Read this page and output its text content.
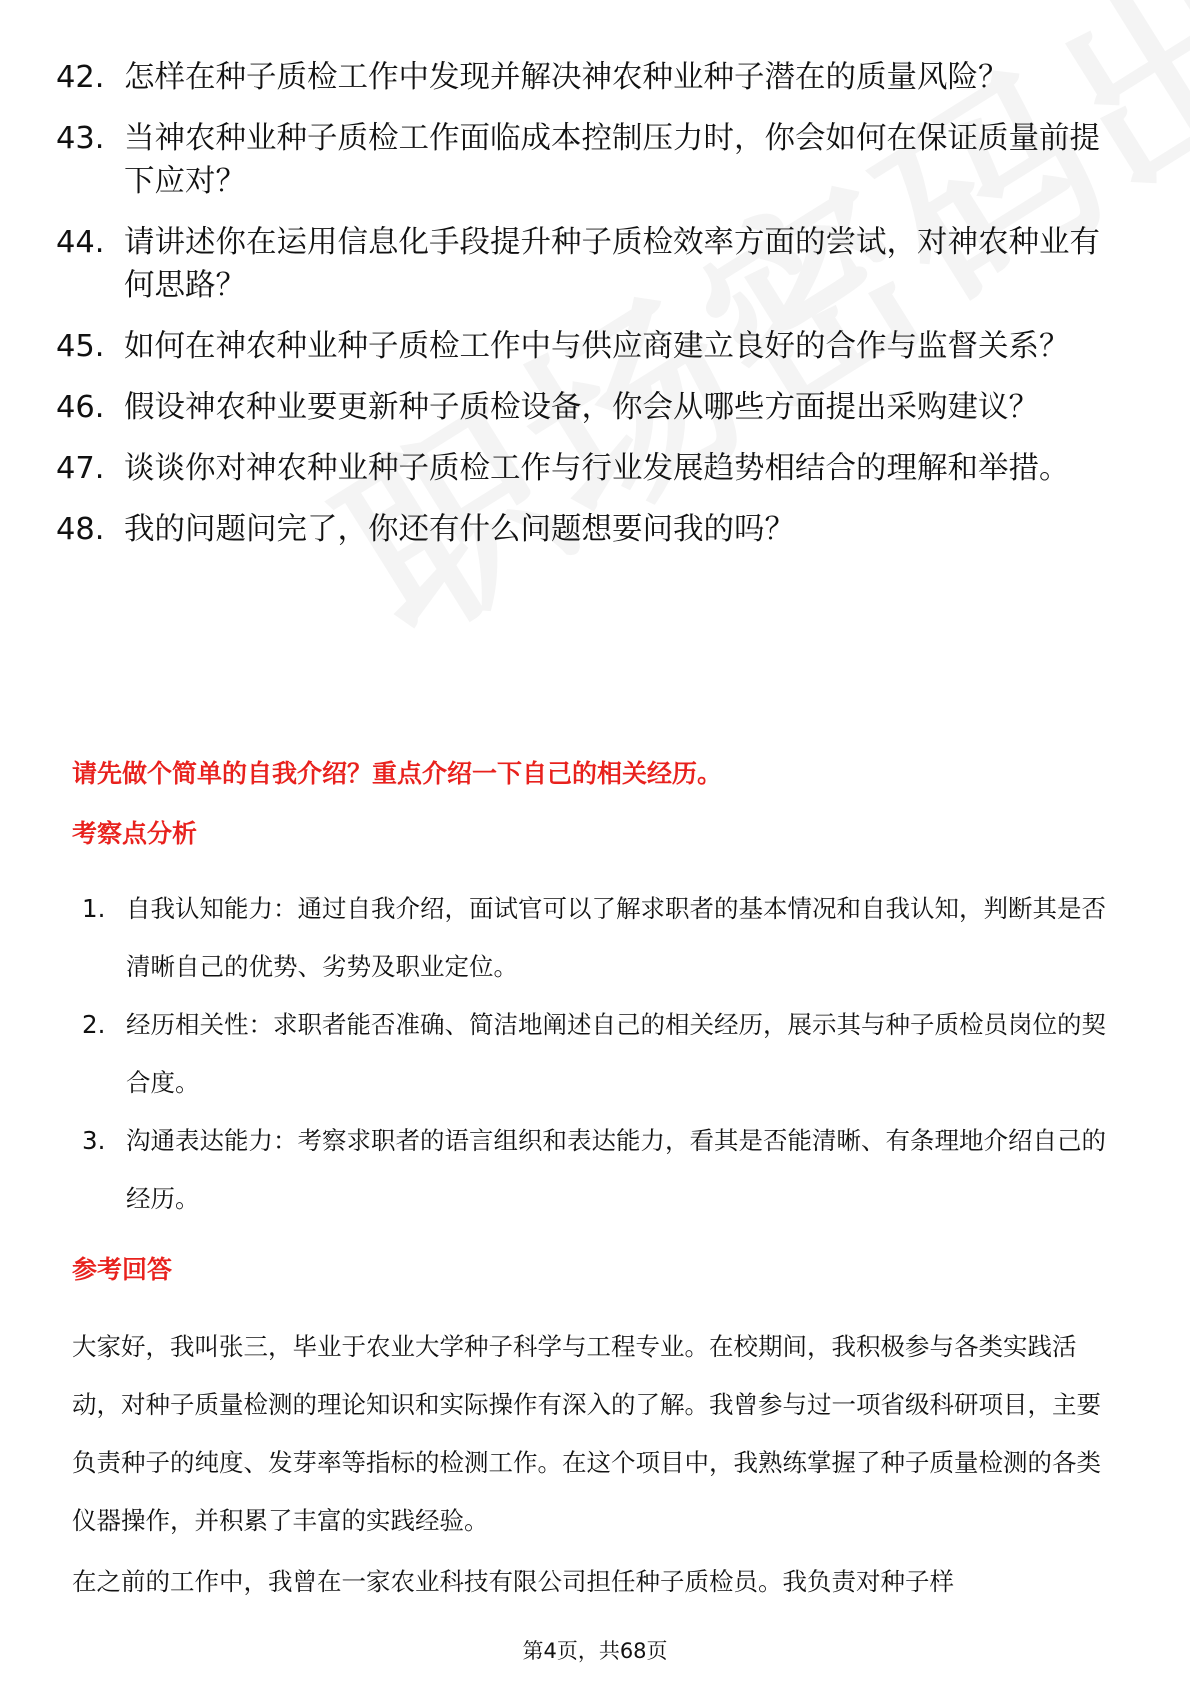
42. 怎样在种子质检工作中发现并解决神农种业种子潜在的质量风险？
43. 当神农种业种子质检工作面临成本控制压力时，你会如何在保证质量前提下应对？
44. 请讲述你在运用信息化手段提升种子质检效率方面的尝试，对神农种业有何思路？
45. 如何在神农种业种子质检工作中与供应商建立良好的合作与监督关系？
46. 假设神农种业要更新种子质检设备，你会从哪些方面提出采购建议？
47. 谈谈你对神农种业种子质检工作与行业发展趋势相结合的理解和举措。
48. 我的问题问完了，你还有什么问题想要问我的吗？
请先做个简单的自我介绍？重点介绍一下自己的相关经历。
考察点分析
1. 自我认知能力：通过自我介绍，面试官可以了解求职者的基本情况和自我认知，判断其是否清晰自己的优势、劣势及职业定位。
2. 经历相关性：求职者能否准确、简洁地阐述自己的相关经历，展示其与种子质检员岗位的契合度。
3. 沟通表达能力：考察求职者的语言组织和表达能力，看其是否能清晰、有条理地介绍自己的经历。
参考回答
大家好，我叫张三，毕业于农业大学种子科学与工程专业。在校期间，我积极参与各类实践活动，对种子质量检测的理论知识和实际操作有深入的了解。我曾参与过一项省级科研项目，主要负责种子的纯度、发芽率等指标的检测工作。在这个项目中，我熟练掌握了种子质量检测的各类仪器操作，并积累了丰富的实践经验。
在之前的工作中，我曾在一家农业科技有限公司担任种子质检员。我负责对种子样
第4页，共68页
